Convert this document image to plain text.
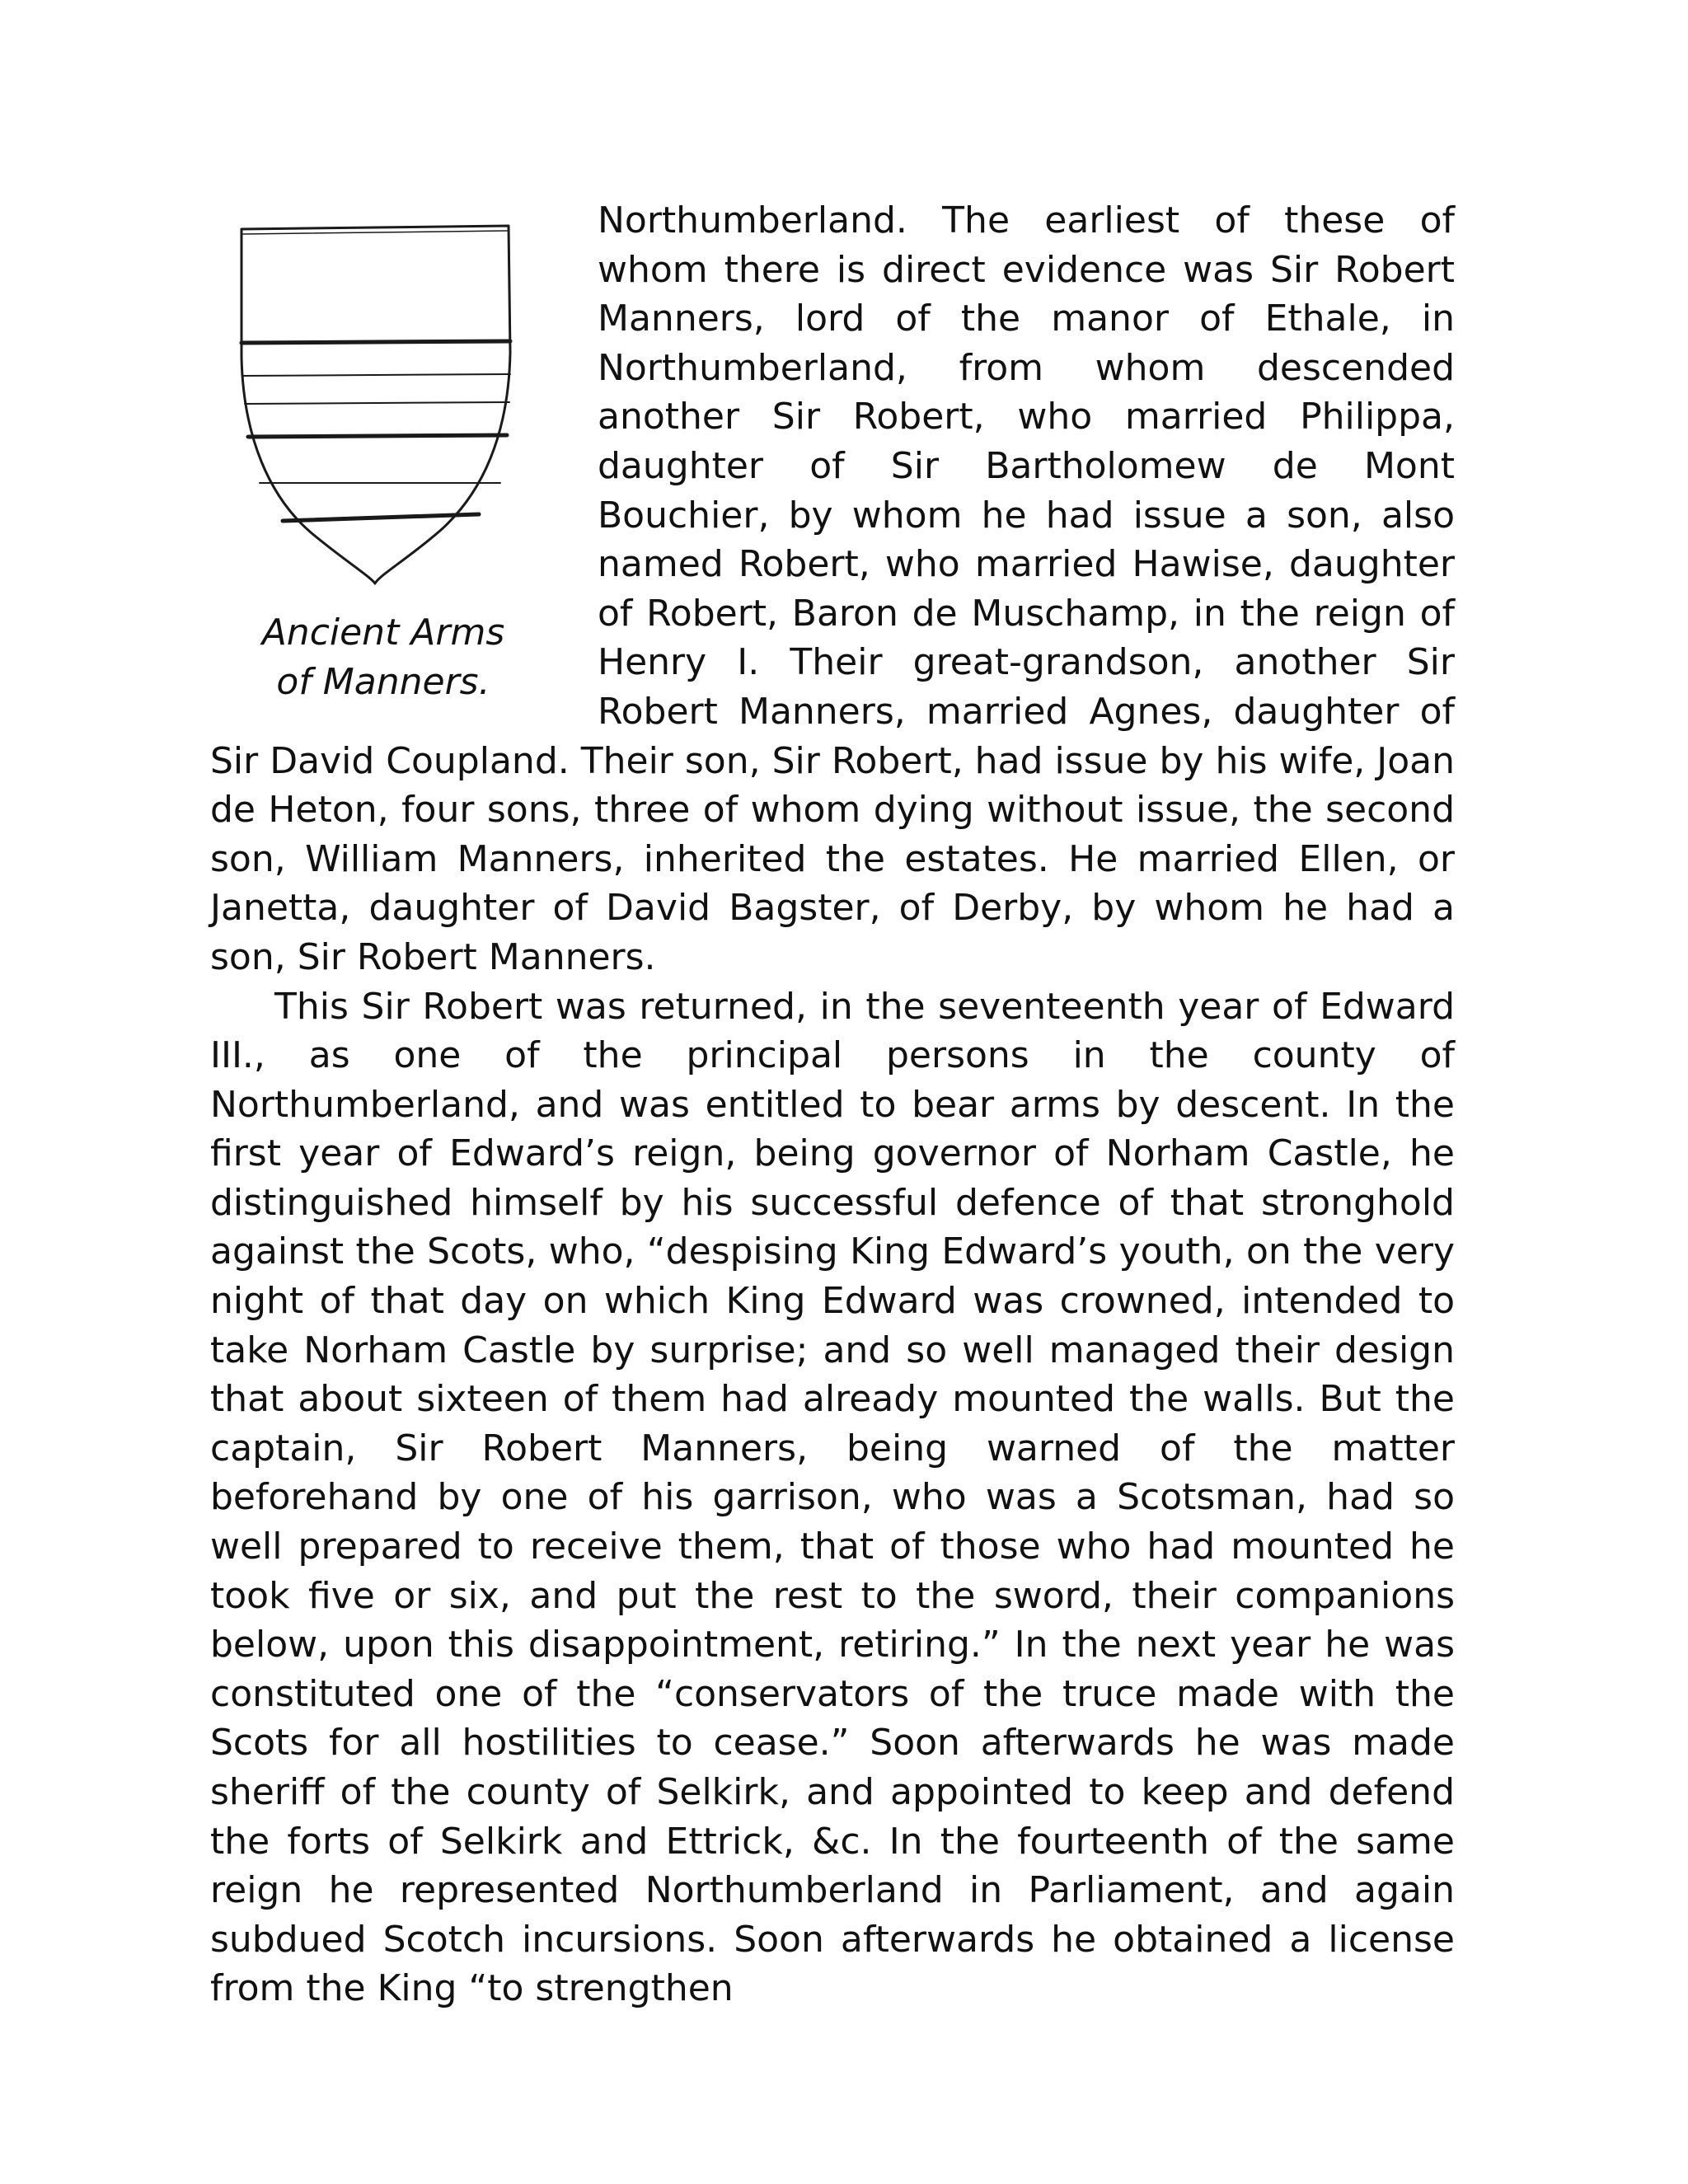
Ancient Arms
of Manners.

Northumberland. The earliest of these of whom there is direct evidence was Sir Robert Manners, lord of the manor of Ethale, in Northumberland, from whom descended another Sir Robert, who married Philippa, daughter of Sir Bartholomew de Mont Bouchier, by whom he had issue a son, also named Robert, who married Hawise, daughter of Robert, Baron de Muschamp, in the reign of Henry I. Their great-grandson, another Sir Robert Manners, married Agnes, daughter of Sir David Coupland. Their son, Sir Robert, had issue by his wife, Joan de Heton, four sons, three of whom dying without issue, the second son, William Manners, inherited the estates. He married Ellen, or Janetta, daughter of David Bagster, of Derby, by whom he had a son, Sir Robert Manners.

This Sir Robert was returned, in the seventeenth year of Edward III., as one of the principal persons in the county of Northumberland, and was entitled to bear arms by descent. In the first year of Edward’s reign, being governor of Norham Castle, he distinguished himself by his successful defence of that stronghold against the Scots, who, “despising King Edward’s youth, on the very night of that day on which King Edward was crowned, intended to take Norham Castle by surprise; and so well managed their design that about sixteen of them had already mounted the walls. But the captain, Sir Robert Manners, being warned of the matter beforehand by one of his garrison, who was a Scotsman, had so well prepared to receive them, that of those who had mounted he took five or six, and put the rest to the sword, their companions below, upon this disappointment, retiring.” In the next year he was constituted one of the “conservators of the truce made with the Scots for all hostilities to cease.” Soon afterwards he was made sheriff of the county of Selkirk, and appointed to keep and defend the forts of Selkirk and Ettrick, &c. In the fourteenth of the same reign he represented Northumberland in Parliament, and again subdued Scotch incursions. Soon afterwards he obtained a license from the King “to strengthen
